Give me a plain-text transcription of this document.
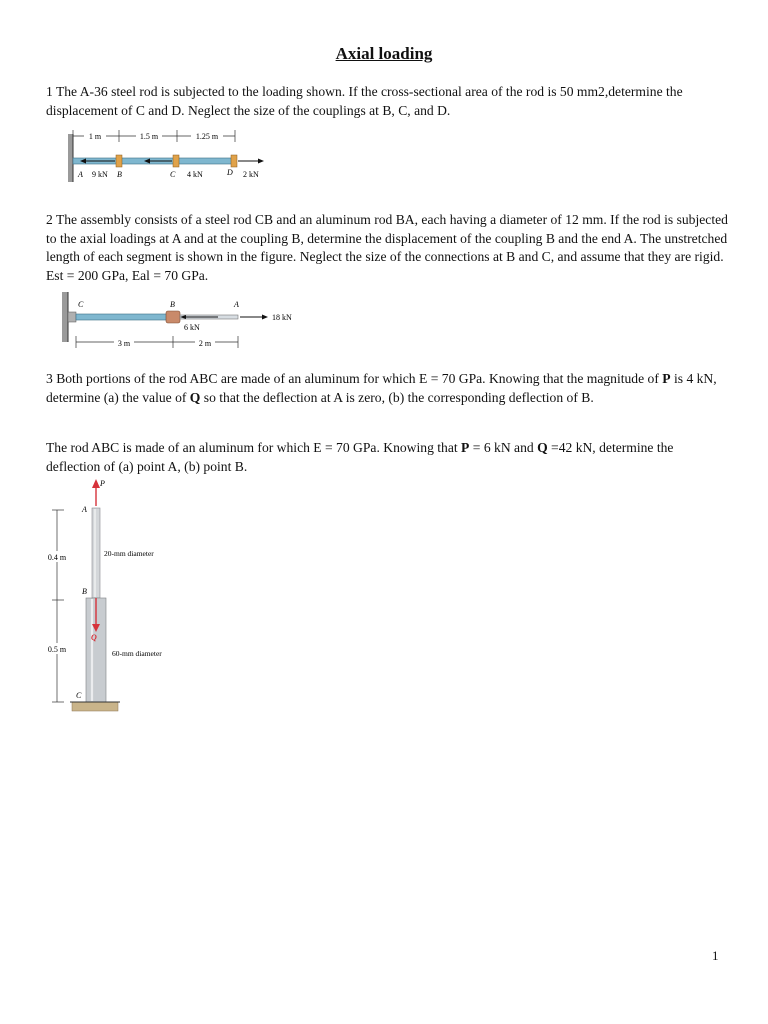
Axial loading
1 The A-36 steel rod is subjected to the loading shown. If the cross-sectional area of the rod is 50 mm2,determine the displacement of C and D. Neglect the size of the couplings at B, C, and D.
1 m	1.5 m	1.25 m
A 9 kN B	C 4 kN	D 2 kN
2 The assembly consists of a steel rod CB and an aluminum rod BA, each having a diameter of 12 mm. If the rod is subjected to the axial loadings at A and at the coupling B, determine the displacement of the coupling B and the end A. The unstretched length of each segment is shown in the figure. Neglect the size of the connections at B and C, and assume that they are rigid. Est = 200 GPa, Eal = 70 GPa.
C	B	A
18 kN
6 kN
3 m	2 m
3 Both portions of the rod ABC are made of an aluminum for which E = 70 GPa. Knowing that the magnitude of P is 4 kN, determine (a) the value of Q so that the deflection at A is zero, (b) the corresponding deflection of B.
The rod ABC is made of an aluminum for which E = 70 GPa. Knowing that P = 6 kN and Q =42 kN, determine the deflection of (a) point A, (b) point B.
P
Q
A
B
C
0.4 m
0.5 m
20-mm diameter
60-mm diameter
1
